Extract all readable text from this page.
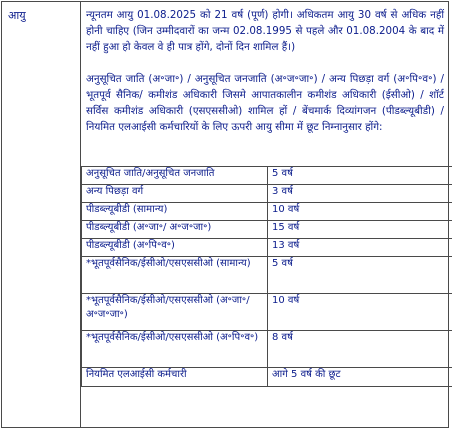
आयु	न्यूनतम आयु 01.08.2025 को 21 वर्ष (पूर्ण) होगी। अधिकतम आयु 30 वर्ष से अधिक नहीं होनी चाहिए (जिन उम्मीदवारों का जन्म 02.08.1995 से पहले और 01.08.2004 के बाद में नहीं हुआ हो केवल वे ही पात्र होंगे, दोनों दिन शामिल हैं।)
अनुसूचित जाति (अ॰जा॰) / अनुसूचित जनजाति (अ॰ज॰जा॰) / अन्य पिछड़ा वर्ग (अ॰पि॰व॰) /भूतपूर्व सैनिक/ कमीशंड अधिकारी जिसमे आपातकालीन कमीशंड अधिकारी (ईसीओ) / शॉर्ट सर्विस कमीशंड अधिकारी (एसएससीओ) शामिल हों / बेंचमार्क दिव्यांगजन (पीडब्ल्यूबीडी) / नियमित एलआईसी कर्मचारियों के लिए ऊपरी आयु सीमा में छूट निम्नानुसार होंगे:
अनुसूचित जाति/अनुसूचित जनजाति	5 वर्ष
अन्य पिछड़ा वर्ग	3 वर्ष
पीडब्ल्यूबीडी (सामान्य)	10 वर्ष
पीडब्ल्यूबीडी (अ॰जा॰/ अ॰ज॰जा॰)	15 वर्ष
पीडब्ल्यूबीडी (अ॰पि॰व॰)	13 वर्ष
*भूतपूर्वसैनिक/ईसीओ/एसएससीओ (सामान्य)	5 वर्ष
*भूतपूर्वसैनिक/ईसीओ/एसएससीओ (अ॰जा॰/ अ॰ज॰जा॰)	10 वर्ष
*भूतपूर्वसैनिक/ईसीओ/एसएससीओ (अ॰पि॰व॰)	8 वर्ष
नियमित एलआईसी कर्मचारी	आगे 5 वर्ष की छूट
